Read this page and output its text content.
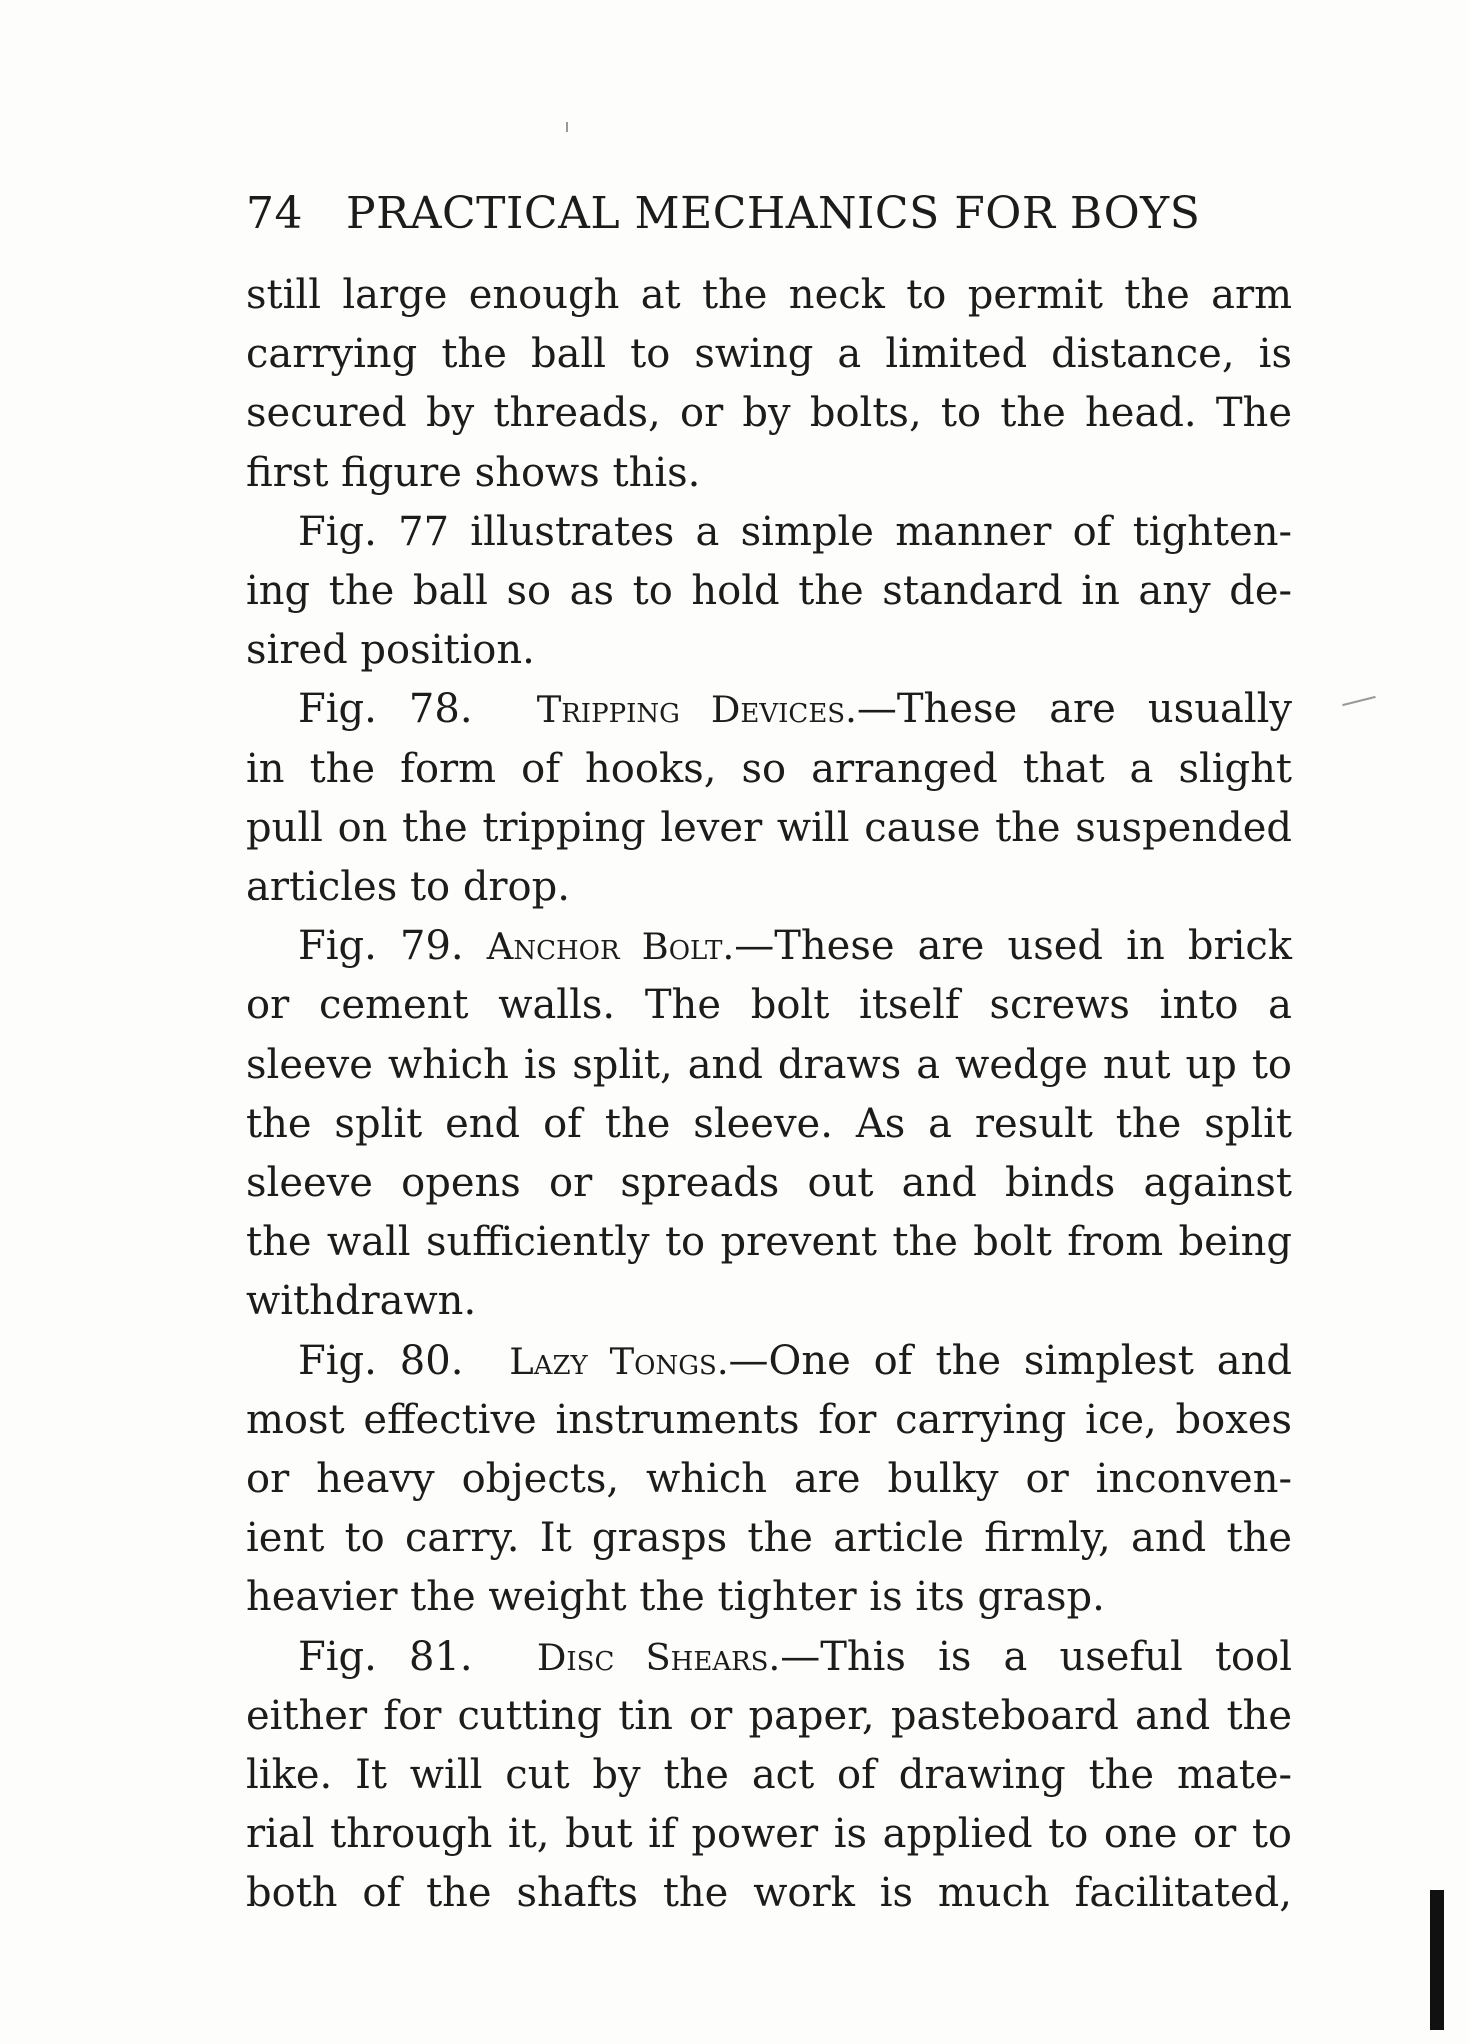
74 PRACTICAL MECHANICS FOR BOYS
still large enough at the neck to permit the arm
carrying the ball to swing a limited distance, is
secured by threads, or by bolts, to the head. The
first figure shows this.
Fig. 77 illustrates a simple manner of tighten-
ing the ball so as to hold the standard in any de-
sired position.
Fig. 78. Tripping Devices.—These are usually
in the form of hooks, so arranged that a slight
pull on the tripping lever will cause the suspended
articles to drop.
Fig. 79. Anchor Bolt.—These are used in brick
or cement walls. The bolt itself screws into a
sleeve which is split, and draws a wedge nut up to
the split end of the sleeve. As a result the split
sleeve opens or spreads out and binds against
the wall sufficiently to prevent the bolt from being
withdrawn.
Fig. 80. Lazy Tongs.—One of the simplest and
most effective instruments for carrying ice, boxes
or heavy objects, which are bulky or inconven-
ient to carry. It grasps the article firmly, and the
heavier the weight the tighter is its grasp.
Fig. 81. Disc Shears.—This is a useful tool
either for cutting tin or paper, pasteboard and the
like. It will cut by the act of drawing the mate-
rial through it, but if power is applied to one or to
both of the shafts the work is much facilitated,
